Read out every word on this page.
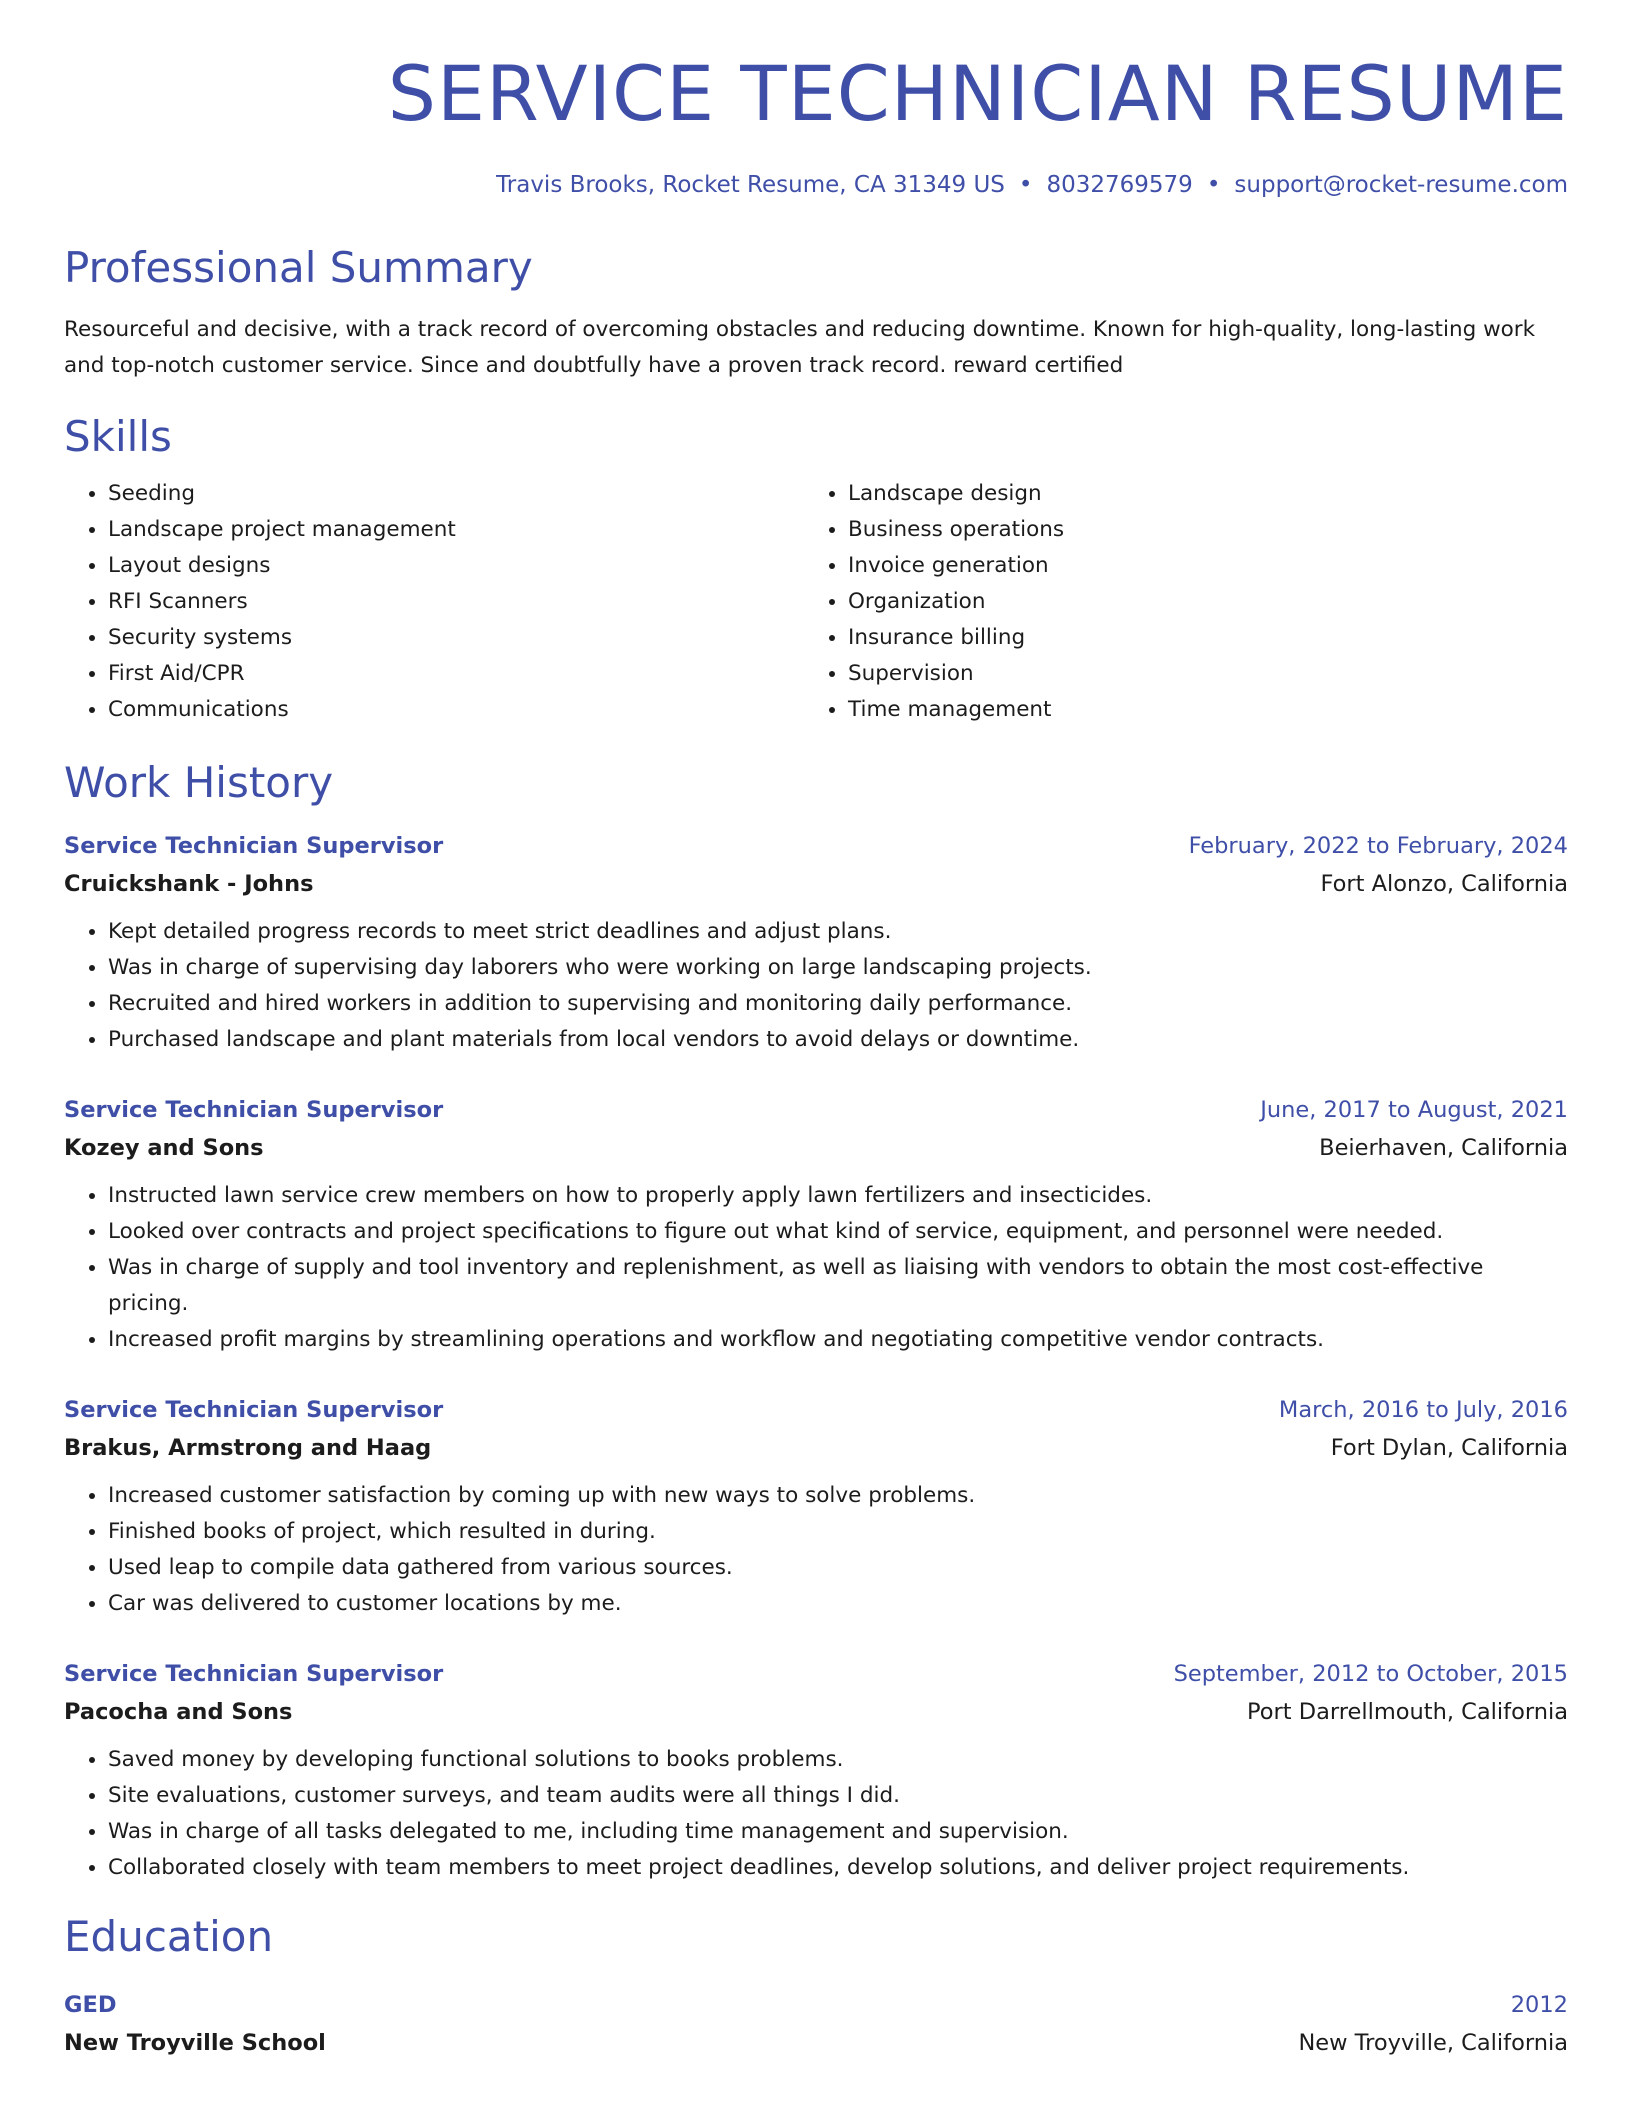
SERVICE TECHNICIAN RESUME
Travis Brooks, Rocket Resume, CA 31349 US • 8032769579 • support@rocket-resume.com
Professional Summary
Resourceful and decisive, with a track record of overcoming obstacles and reducing downtime. Known for high-quality, long-lasting work and top-notch customer service. Since and doubtfully have a proven track record. reward certified
Skills
• Seeding
• Landscape project management
• Layout designs
• RFI Scanners
• Security systems
• First Aid/CPR
• Communications
• Landscape design
• Business operations
• Invoice generation
• Organization
• Insurance billing
• Supervision
• Time management
Work History
Service Technician Supervisor	February, 2022 to February, 2024
Cruickshank - Johns	Fort Alonzo, California
• Kept detailed progress records to meet strict deadlines and adjust plans.
• Was in charge of supervising day laborers who were working on large landscaping projects.
• Recruited and hired workers in addition to supervising and monitoring daily performance.
• Purchased landscape and plant materials from local vendors to avoid delays or downtime.
Service Technician Supervisor	June, 2017 to August, 2021
Kozey and Sons	Beierhaven, California
• Instructed lawn service crew members on how to properly apply lawn fertilizers and insecticides.
• Looked over contracts and project specifications to figure out what kind of service, equipment, and personnel were needed.
• Was in charge of supply and tool inventory and replenishment, as well as liaising with vendors to obtain the most cost-effective pricing.
• Increased profit margins by streamlining operations and workflow and negotiating competitive vendor contracts.
Service Technician Supervisor	March, 2016 to July, 2016
Brakus, Armstrong and Haag	Fort Dylan, California
• Increased customer satisfaction by coming up with new ways to solve problems.
• Finished books of project, which resulted in during.
• Used leap to compile data gathered from various sources.
• Car was delivered to customer locations by me.
Service Technician Supervisor	September, 2012 to October, 2015
Pacocha and Sons	Port Darrellmouth, California
• Saved money by developing functional solutions to books problems.
• Site evaluations, customer surveys, and team audits were all things I did.
• Was in charge of all tasks delegated to me, including time management and supervision.
• Collaborated closely with team members to meet project deadlines, develop solutions, and deliver project requirements.
Education
GED	2012
New Troyville School	New Troyville, California
